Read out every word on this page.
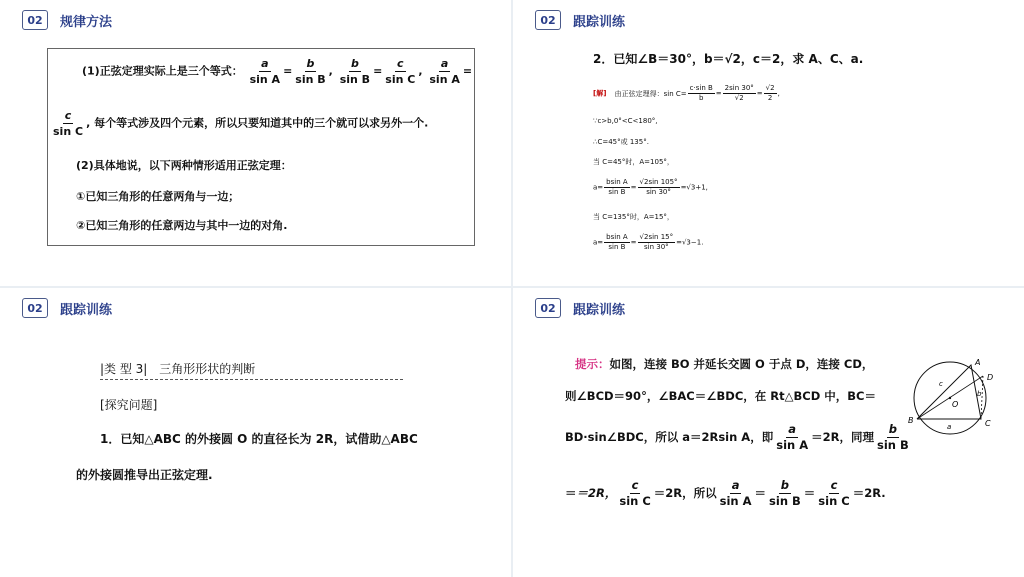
02	规律方法
(1)正弦定理实际上是三个等式： $\frac{a}{\text{sin A}} = \frac{b}{\text{sin B}}$ , $\frac{b}{\text{sin B}} = \frac{c}{\text{sin C}}$ , $\frac{a}{\text{sin A}}$ =
$\frac{c}{\text{sin C}}$ , 每个等式涉及四个元素，所以只要知道其中的三个就可以求另外一个.
(2)具体地说，以下两种情形适用正弦定理：
①已知三角形的任意两角与一边；
②已知三角形的任意两边与其中一边的对角.
02	跟踪训练
2．已知∠B＝30°，b＝√2，c＝2，求 A、C、a.
[解] 由正弦定理得：$\sin C= \frac{\text{c·sin B}}{b} = \frac{2\sin 30^\circ}{√2} = \frac{√2}{2}$ ,
∵c>b,0°<C<180°,
∴C=45°或 135°.
当 C=45°时，A=105°，
$a= \frac{\text{bsin A}}{\text{sin B}} = \frac{√2\sin 105^\circ}{\sin 30^\circ} =√3+1$,
当 C=135°时，A=15°，
$a= \frac{\text{bsin A}}{\text{sin B}} = \frac{√2\sin 15^\circ}{\sin 30^\circ} =√3-1$.
02	跟踪训练
|类 型 3| 三角形形状的判断
[探究问题]
1．已知△ABC 的外接圆 O 的直径长为 2R，试借助△ABC
的外接圆推导出正弦定理.
02	跟踪训练
提示：如图，连接 BO 并延长交圆 O 于点 D，连接 CD，
则∠BCD＝90°，∠BAC＝∠BDC，在 Rt△BCD 中，BC＝
BD·sin∠BDC，所以 a＝2Rsin A，即 $\frac{a}{\text{sin A}} =2R$，同理 $\frac{b}{\text{sin B}}$
＝＝2R， $\frac{c}{\text{sin C}} =2R$，所以 $\frac{a}{\text{sin A}} = \frac{b}{\text{sin B}} = \frac{c}{\text{sin C}} =2R$.
A
B	C
D
O
a
b
c
